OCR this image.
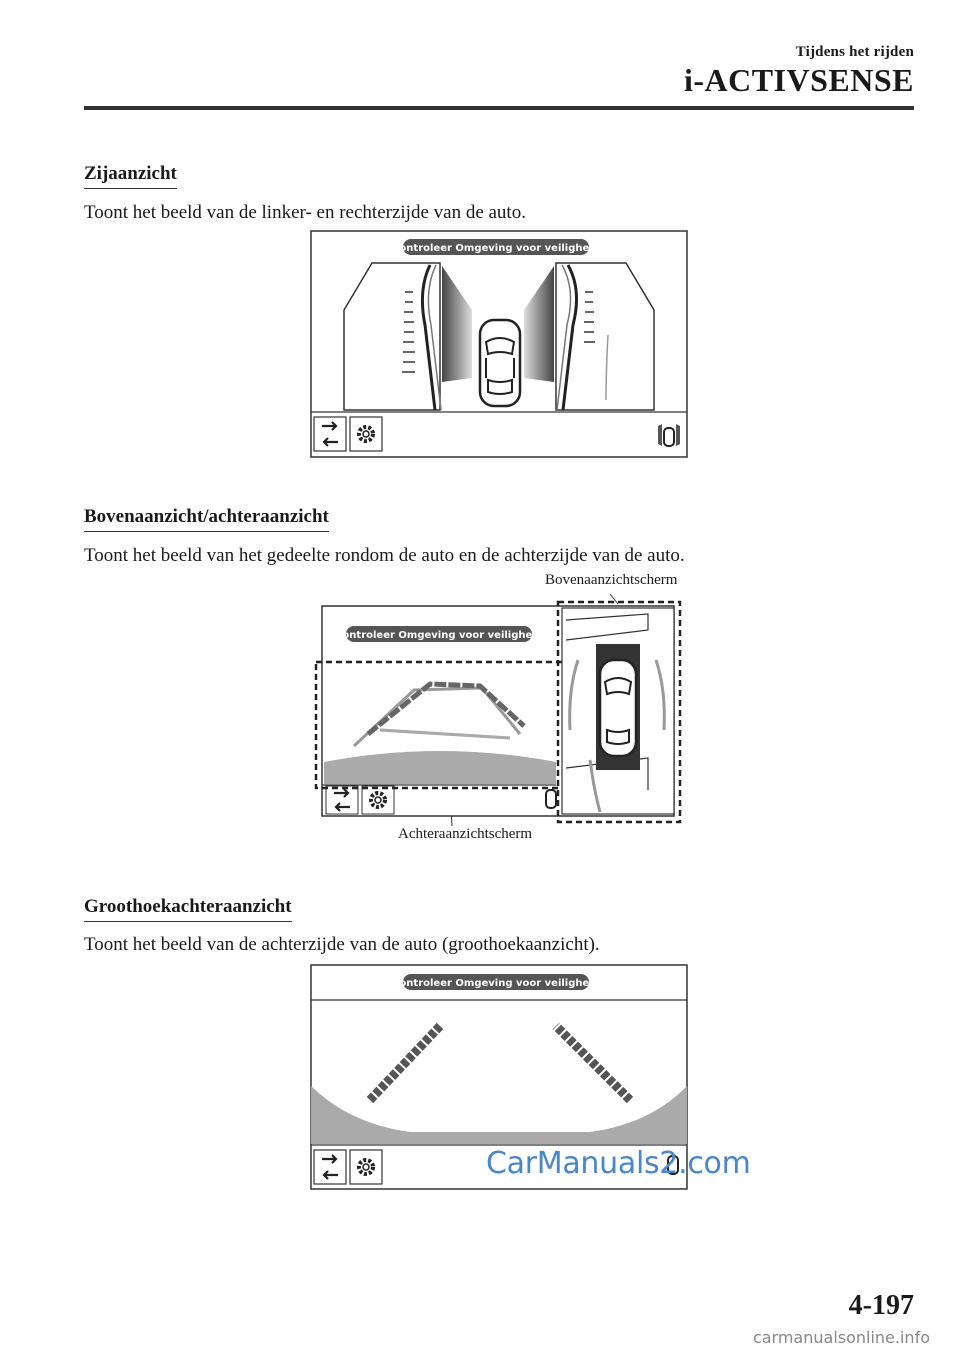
Tijdens het rijden
i-ACTIVSENSE
Zijaanzicht
Toont het beeld van de linker- en rechterzijde van de auto.
Bovenaanzicht/achteraanzicht
Toont het beeld van het gedeelte rondom de auto en de achterzijde van de auto.
Groothoekachteraanzicht
Toont het beeld van de achterzijde van de auto (groothoekaanzicht).
Controleer Omgeving voor veiligheid
Bovenaanzichtscherm
Achteraanzichtscherm
Controleer Omgeving voor veiligheid
Controleer Omgeving voor veiligheid
CarManuals2.com
4-197
carmanualsonline.info
